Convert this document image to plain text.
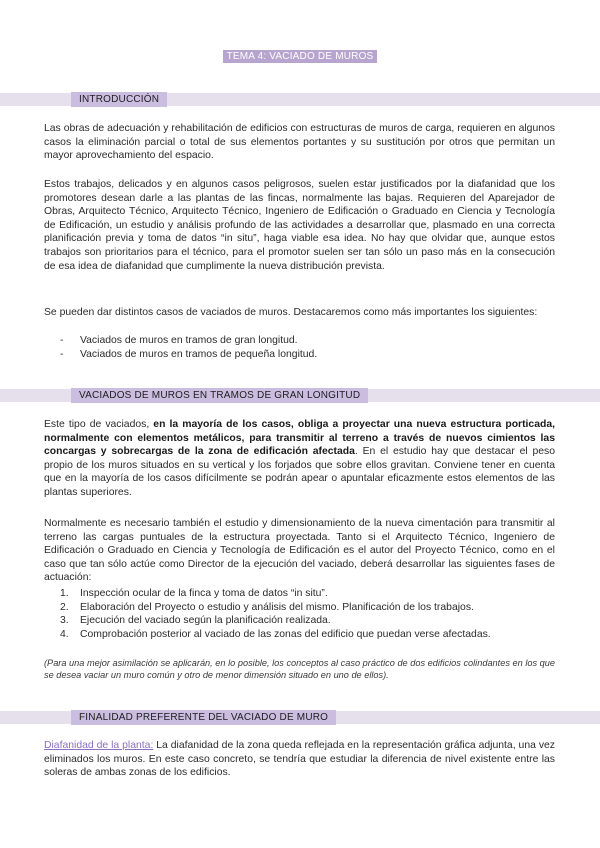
TEMA 4: VACIADO DE MUROS
INTRODUCCIÓN

Las obras de adecuación y rehabilitación de edificios con estructuras de muros de carga, requieren en algunos casos la eliminación parcial o total de sus elementos portantes y su sustitución por otros que permitan un mayor aprovechamiento del espacio.

Estos trabajos, delicados y en algunos casos peligrosos, suelen estar justificados por la diafanidad que los promotores desean darle a las plantas de las fincas, normalmente las bajas. Requieren del Aparejador de Obras, Arquitecto Técnico, Arquitecto Técnico, Ingeniero de Edificación o Graduado en Ciencia y Tecnología de Edificación, un estudio y análisis profundo de las actividades a desarrollar que, plasmado en una correcta planificación previa y toma de datos “in situ”, haga viable esa idea. No hay que olvidar que, aunque estos trabajos son prioritarios para el técnico, para el promotor suelen ser tan sólo un paso más en la consecución de esa idea de diafanidad que cumplimente la nueva distribución prevista.

Se pueden dar distintos casos de vaciados de muros. Destacaremos como más importantes los siguientes:

-	Vaciados de muros en tramos de gran longitud.
-	Vaciados de muros en tramos de pequeña longitud.
VACIADOS DE MUROS EN TRAMOS DE GRAN LONGITUD

Este tipo de vaciados, en la mayoría de los casos, obliga a proyectar una nueva estructura porticada, normalmente con elementos metálicos, para transmitir al terreno a través de nuevos cimientos las concargas y sobrecargas de la zona de edificación afectada. En el estudio hay que destacar el peso propio de los muros situados en su vertical y los forjados que sobre ellos gravitan. Conviene tener en cuenta que en la mayoría de los casos difícilmente se podrán apear o apuntalar eficazmente estos elementos de las plantas superiores.

Normalmente es necesario también el estudio y dimensionamiento de la nueva cimentación para transmitir al terreno las cargas puntuales de la estructura proyectada. Tanto si el Arquitecto Técnico, Ingeniero de Edificación o Graduado en Ciencia y Tecnología de Edificación es el autor del Proyecto Técnico, como en el caso que tan sólo actúe como Director de la ejecución del vaciado, deberá desarrollar las siguientes fases de actuación:

1.	Inspección ocular de la finca y toma de datos “in situ”.
2.	Elaboración del Proyecto o estudio y análisis del mismo. Planificación de los trabajos.
3.	Ejecución del vaciado según la planificación realizada.
4.	Comprobación posterior al vaciado de las zonas del edificio que puedan verse afectadas.

(Para una mejor asimilación se aplicarán, en lo posible, los conceptos al caso práctico de dos edificios colindantes en los que se desea vaciar un muro común y otro de menor dimensión situado en uno de ellos).

FINALIDAD PREFERENTE DEL VACIADO DE MURO

Diafanidad de la planta: La diafanidad de la zona queda reflejada en la representación gráfica adjunta, una vez eliminados los muros. En este caso concreto, se tendría que estudiar la diferencia de nivel existente entre las soleras de ambas zonas de los edificios.
